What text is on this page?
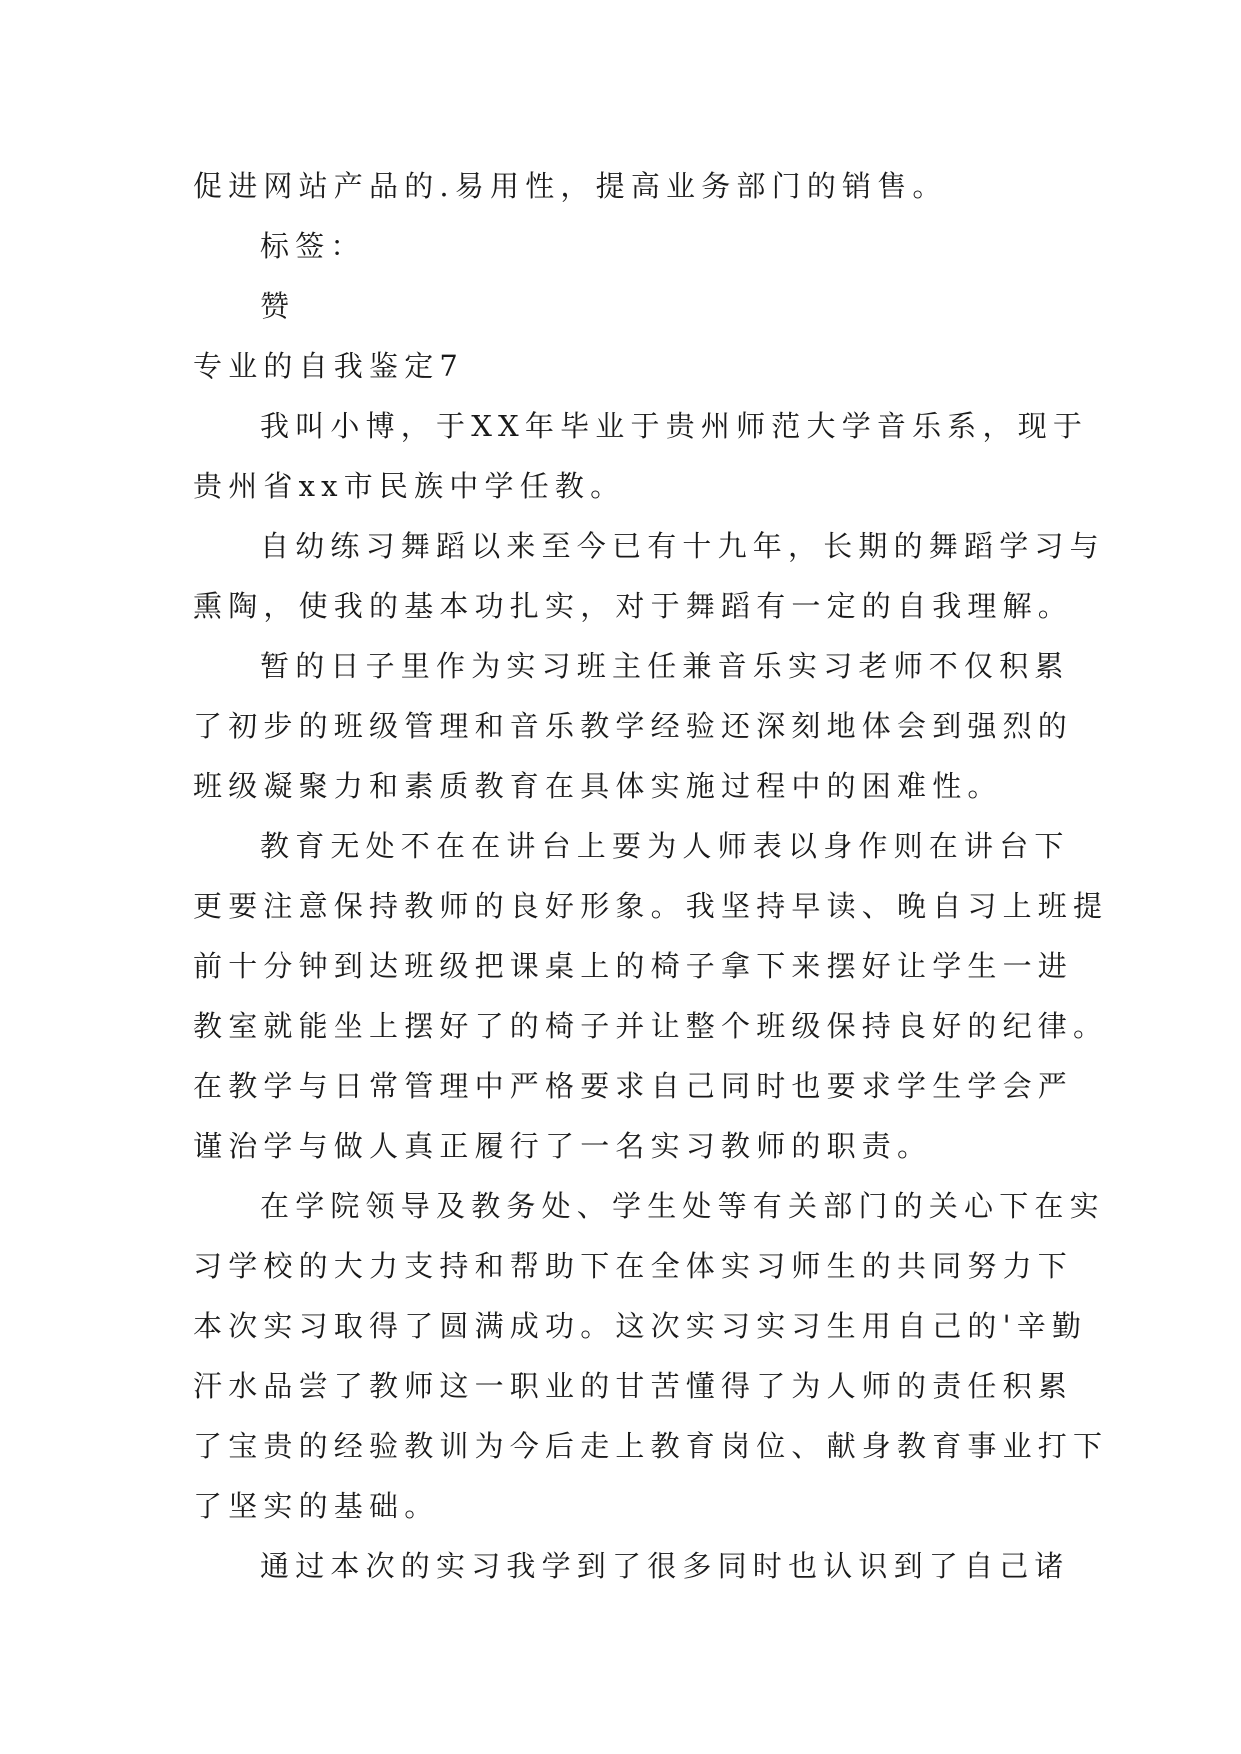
促进网站产品的.易用性，提高业务部门的销售。
标签：
赞
专业的自我鉴定7
我叫小博，于XX年毕业于贵州师范大学音乐系，现于
贵州省xx市民族中学任教。
自幼练习舞蹈以来至今已有十九年，长期的舞蹈学习与
熏陶，使我的基本功扎实，对于舞蹈有一定的自我理解。
暂的日子里作为实习班主任兼音乐实习老师不仅积累
了初步的班级管理和音乐教学经验还深刻地体会到强烈的
班级凝聚力和素质教育在具体实施过程中的困难性。
教育无处不在在讲台上要为人师表以身作则在讲台下
更要注意保持教师的良好形象。我坚持早读、晚自习上班提
前十分钟到达班级把课桌上的椅子拿下来摆好让学生一进
教室就能坐上摆好了的椅子并让整个班级保持良好的纪律。
在教学与日常管理中严格要求自己同时也要求学生学会严
谨治学与做人真正履行了一名实习教师的职责。
在学院领导及教务处、学生处等有关部门的关心下在实
习学校的大力支持和帮助下在全体实习师生的共同努力下
本次实习取得了圆满成功。这次实习实习生用自己的'辛勤
汗水品尝了教师这一职业的甘苦懂得了为人师的责任积累
了宝贵的经验教训为今后走上教育岗位、献身教育事业打下
了坚实的基础。
通过本次的实习我学到了很多同时也认识到了自己诸
